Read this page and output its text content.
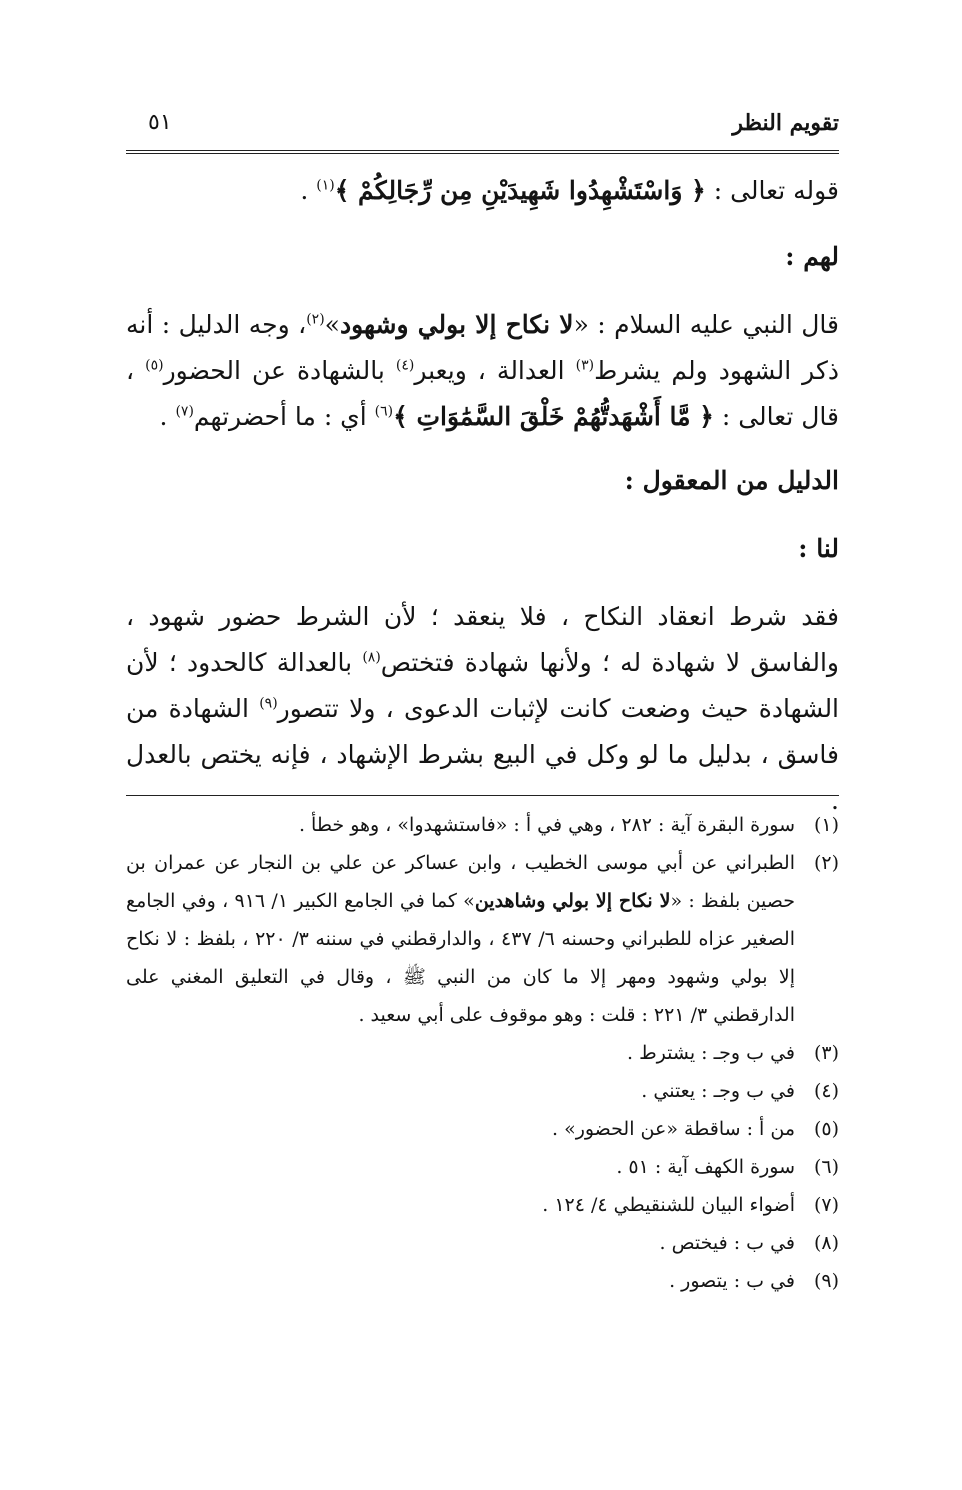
تقويم النظر
٥١

قوله تعالى : ﴿ وَاسْتَشْهِدُوا شَهِيدَيْنِ مِن رِّجَالِكُمْ ﴾$^{(١)}$ .

لهم :

قال النبي عليه السلام : «لا نكاح إلا بولي وشهود»$^{(٢)}$، وجه الدليل : أنه ذكر الشهود ولم يشرط$^{(٣)}$ العدالة ، ويعبر$^{(٤)}$ بالشهادة عن الحضور$^{(٥)}$ ، قال تعالى : ﴿ مَّا أَشْهَدتُّهُمْ خَلْقَ السَّمَٰوَاتِ ﴾$^{(٦)}$ أي : ما أحضرتهم$^{(٧)}$ .

الدليل من المعقول :

لنا :

فقد شرط انعقاد النكاح ، فلا ينعقد ؛ لأن الشرط حضور شهود ، والفاسق لا شهادة له ؛ ولأنها شهادة فتختص$^{(٨)}$ بالعدالة كالحدود ؛ لأن الشهادة حيث وضعت كانت لإثبات الدعوى ، ولا تتصور$^{(٩)}$ الشهادة من فاسق ، بدليل ما لو وكل في البيع بشرط الإشهاد ، فإنه يختص بالعدل .

(١)
سورة البقرة آية : ٢٨٢ ، وهي في أ : «فاستشهدوا» ، وهو خطأ .

(٢)
الطبراني عن أبي موسى الخطيب ، وابن عساكر عن علي بن النجار عن عمران بن حصين بلفظ : «لا نكاح إلا بولي وشاهدين» كما في الجامع الكبير ١/ ٩١٦ ، وفي الجامع الصغير عزاه للطبراني وحسنه ٦/ ٤٣٧ ، والدارقطني في سننه ٣/ ٢٢٠ ، بلفظ : لا نكاح إلا بولي وشهود ومهر إلا ما كان من النبي ﷺ ، وقال في التعليق المغني على الدارقطني ٣/ ٢٢١ : قلت : وهو موقوف على أبي سعيد .

(٣)
في ب وجـ : يشترط .

(٤)
في ب وجـ : يعتني .

(٥)
من أ : ساقطة «عن الحضور» .

(٦)
سورة الكهف آية : ٥١ .

(٧)
أضواء البيان للشنقيطي ٤/ ١٢٤ .

(٨)
في ب : فيختص .

(٩)
في ب : يتصور .
